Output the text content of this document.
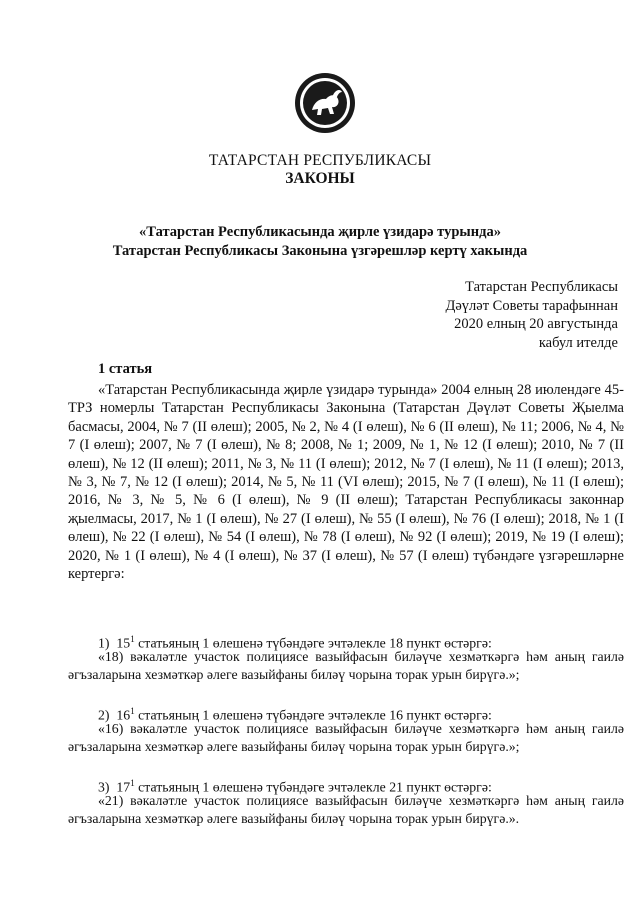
ТАТАРСТАН РЕСПУБЛИКАСЫ
ЗАКОНЫ
«Татарстан Республикасында җирле үзидарә турында»
Татарстан Республикасы Законына үзгәрешләр кертү хакында
Татарстан Республикасы
Дәүләт Советы тарафыннан
2020 елның 20 августында
кабул ителде
1 статья
«Татарстан Республикасында җирле үзидарә турында» 2004 елның 28 июлендәге 45-ТРЗ номерлы Татарстан Республикасы Законына (Татарстан Дәүләт Советы Җыелма басмасы, 2004, № 7 (II өлеш); 2005, № 2, № 4 (I өлеш), № 6 (II өлеш), № 11; 2006, № 4, № 7 (I өлеш); 2007, № 7 (I өлеш), № 8; 2008, № 1; 2009, № 1, № 12 (I өлеш); 2010, № 7 (II өлеш), № 12 (II өлеш); 2011, № 3, № 11 (I өлеш); 2012, № 7 (I өлеш), № 11 (I өлеш); 2013, № 3, № 7, № 12 (I өлеш); 2014, № 5, № 11 (VI өлеш); 2015, № 7 (I өлеш), № 11 (I өлеш); 2016, № 3, № 5, № 6 (I өлеш), № 9 (II өлеш); Татарстан Республикасы законнар җыелмасы, 2017, № 1 (I өлеш), № 27 (I өлеш), № 55 (I өлеш), № 76 (I өлеш); 2018, № 1 (I өлеш), № 22 (I өлеш), № 54 (I өлеш), № 78 (I өлеш), № 92 (I өлеш); 2019, № 19 (I өлеш); 2020, № 1 (I өлеш), № 4 (I өлеш), № 37 (I өлеш), № 57 (I өлеш) түбәндәге үзгәрешләрне кертергә:
1) $15^1$ статьяның 1 өлешенә түбәндәге эчтәлекле 18 пункт өстәргә:
«18) вәкаләтле участок полициясе вазыйфасын биләүче хезмәткәргә һәм аның гаилә әгъзаларына хезмәткәр әлеге вазыйфаны биләү чорына торак урын бирүгә.»;
2) $16^1$ статьяның 1 өлешенә түбәндәге эчтәлекле 16 пункт өстәргә:
«16) вәкаләтле участок полициясе вазыйфасын биләүче хезмәткәргә һәм аның гаилә әгъзаларына хезмәткәр әлеге вазыйфаны биләү чорына торак урын бирүгә.»;
3) $17^1$ статьяның 1 өлешенә түбәндәге эчтәлекле 21 пункт өстәргә:
«21) вәкаләтле участок полициясе вазыйфасын биләүче хезмәткәргә һәм аның гаилә әгъзаларына хезмәткәр әлеге вазыйфаны биләү чорына торак урын бирүгә.».
